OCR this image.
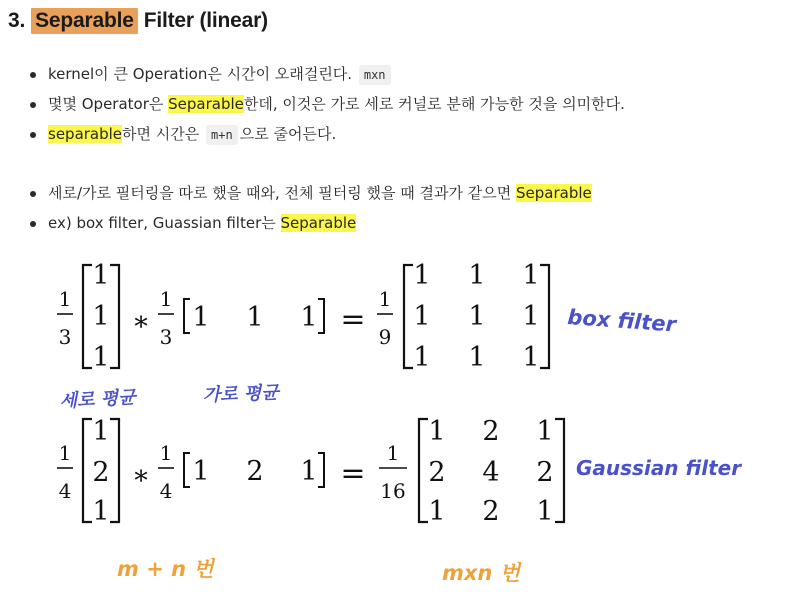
3. Separable Filter (linear)
kernel이 큰 Operation은 시간이 오래걸린다. mxn
몇몇 Operator은 Separable한데, 이것은 가로 세로 커널로 분해 가능한 것을 의미한다.
separable하면 시간은 m+n 으로 줄어든다.
세로/가로 필터링을 따로 했을 때와, 전체 필터링 했을 때 결과가 같으면 Separable
ex) box filter, Guassian filter는 Separable
1
3
1
1
1
∗
1
3
1 1 1 =
1
9
1 1 1
1 1 1
1 1 1
1
4
1
2
1
∗
1
4
1 2 1 =
1
16
1 2 1
2 4 2
1 2 1
box filter
세로 평균	가로 평균
Gaussian filter
m + n 번	mxn 번
